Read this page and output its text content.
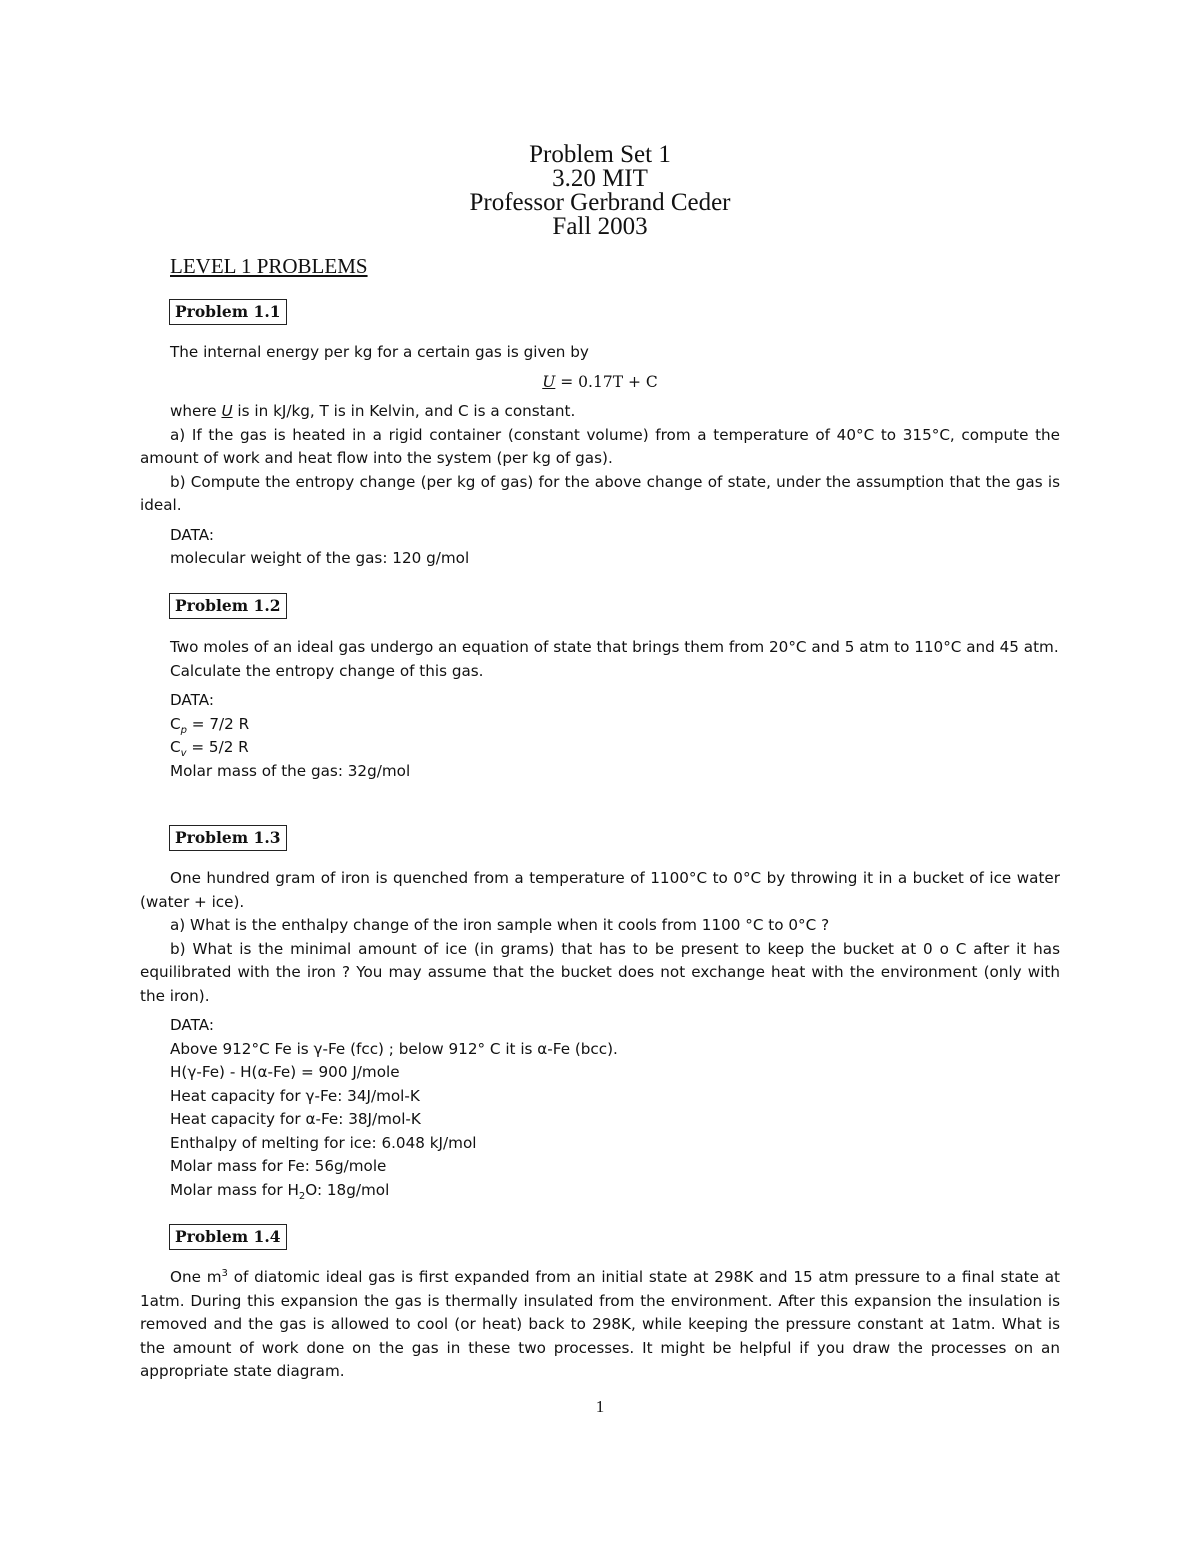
Problem Set 1
3.20 MIT
Professor Gerbrand Ceder
Fall 2003
LEVEL 1 PROBLEMS
Problem 1.1

The internal energy per kg for a certain gas is given by

U = 0.17T + C

where U is in kJ/kg, T is in Kelvin, and C is a constant.

a) If the gas is heated in a rigid container (constant volume) from a temperature of 40°C to 315°C, compute the amount of work and heat flow into the system (per kg of gas).

b) Compute the entropy change (per kg of gas) for the above change of state, under the assumption that the gas is ideal.

DATA:

molecular weight of the gas: 120 g/mol

Problem 1.2

Two moles of an ideal gas undergo an equation of state that brings them from 20°C and 5 atm to 110°C and 45 atm.

Calculate the entropy change of this gas.

DATA:

$C_p = 7/2$ R

$C_v = 5/2$ R

Molar mass of the gas: 32g/mol

Problem 1.3

One hundred gram of iron is quenched from a temperature of 1100°C to 0°C by throwing it in a bucket of ice water (water + ice).

a) What is the enthalpy change of the iron sample when it cools from 1100 °C to 0°C ?

b) What is the minimal amount of ice (in grams) that has to be present to keep the bucket at 0 o C after it has equilibrated with the iron ? You may assume that the bucket does not exchange heat with the environment (only with the iron).

DATA:

Above 912°C Fe is γ-Fe (fcc) ; below 912° C it is α-Fe (bcc).

H(γ-Fe) - H(α-Fe) = 900 J/mole

Heat capacity for γ-Fe: 34J/mol-K

Heat capacity for α-Fe: 38J/mol-K

Enthalpy of melting for ice: 6.048 kJ/mol

Molar mass for Fe: 56g/mole

Molar mass for $H_2O$: 18g/mol

Problem 1.4

One $m^3$ of diatomic ideal gas is first expanded from an initial state at 298K and 15 atm pressure to a final state at 1atm. During this expansion the gas is thermally insulated from the environment. After this expansion the insulation is removed and the gas is allowed to cool (or heat) back to 298K, while keeping the pressure constant at 1atm. What is the amount of work done on the gas in these two processes. It might be helpful if you draw the processes on an appropriate state diagram.

1
